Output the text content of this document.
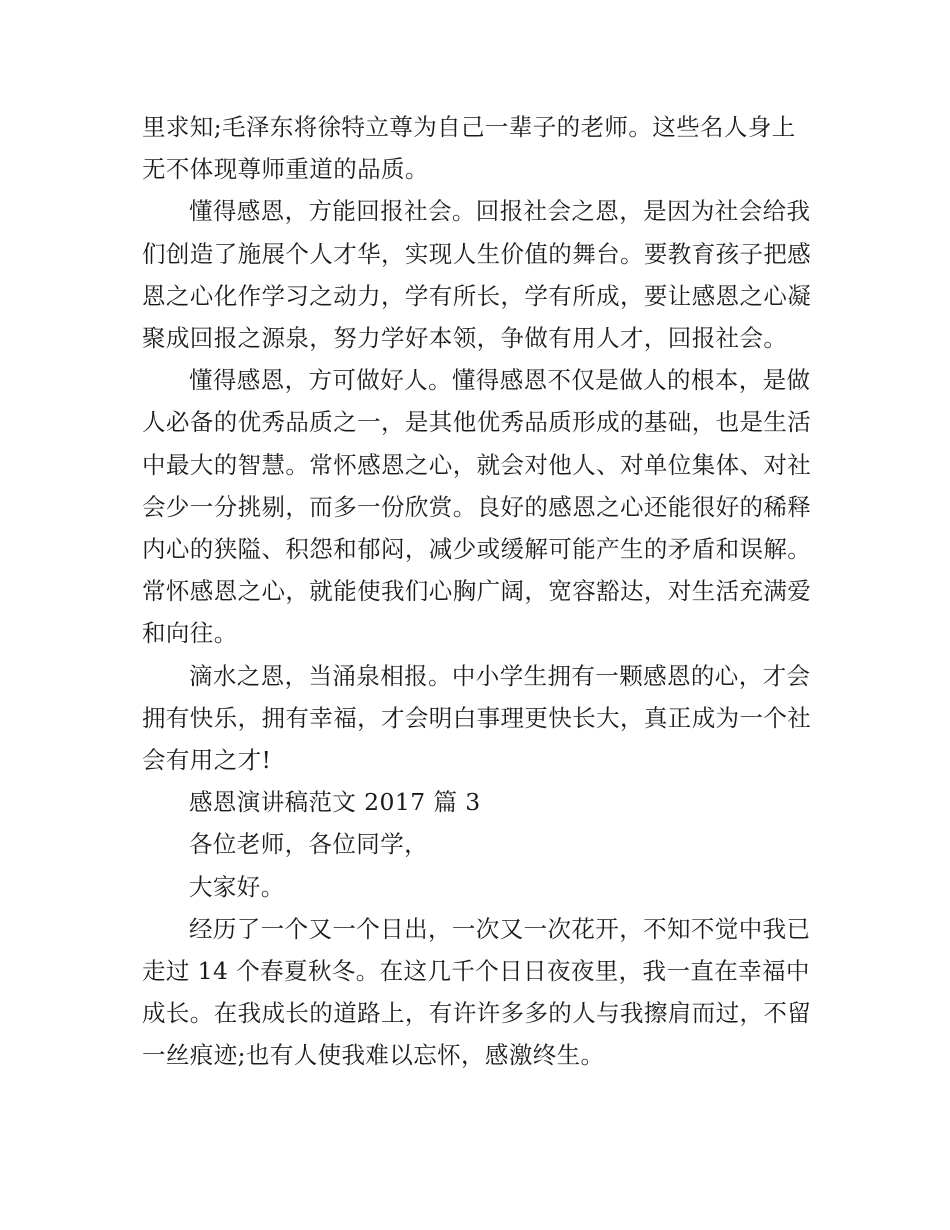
里求知;毛泽东将徐特立尊为自己一辈子的老师。这些名人身上无不体现尊师重道的品质。

懂得感恩，方能回报社会。回报社会之恩，是因为社会给我们创造了施展个人才华，实现人生价值的舞台。要教育孩子把感恩之心化作学习之动力，学有所长，学有所成，要让感恩之心凝聚成回报之源泉，努力学好本领，争做有用人才，回报社会。

懂得感恩，方可做好人。懂得感恩不仅是做人的根本，是做人必备的优秀品质之一，是其他优秀品质形成的基础，也是生活中最大的智慧。常怀感恩之心，就会对他人、对单位集体、对社会少一分挑剔，而多一份欣赏。良好的感恩之心还能很好的稀释内心的狭隘、积怨和郁闷，减少或缓解可能产生的矛盾和误解。常怀感恩之心，就能使我们心胸广阔，宽容豁达，对生活充满爱和向往。

滴水之恩，当涌泉相报。中小学生拥有一颗感恩的心，才会拥有快乐，拥有幸福，才会明白事理更快长大，真正成为一个社会有用之才!

感恩演讲稿范文 2017 篇 3

各位老师，各位同学，

大家好。

经历了一个又一个日出，一次又一次花开，不知不觉中我已走过 14 个春夏秋冬。在这几千个日日夜夜里，我一直在幸福中成长。在我成长的道路上，有许许多多的人与我擦肩而过，不留一丝痕迹;也有人使我难以忘怀，感激终生。
